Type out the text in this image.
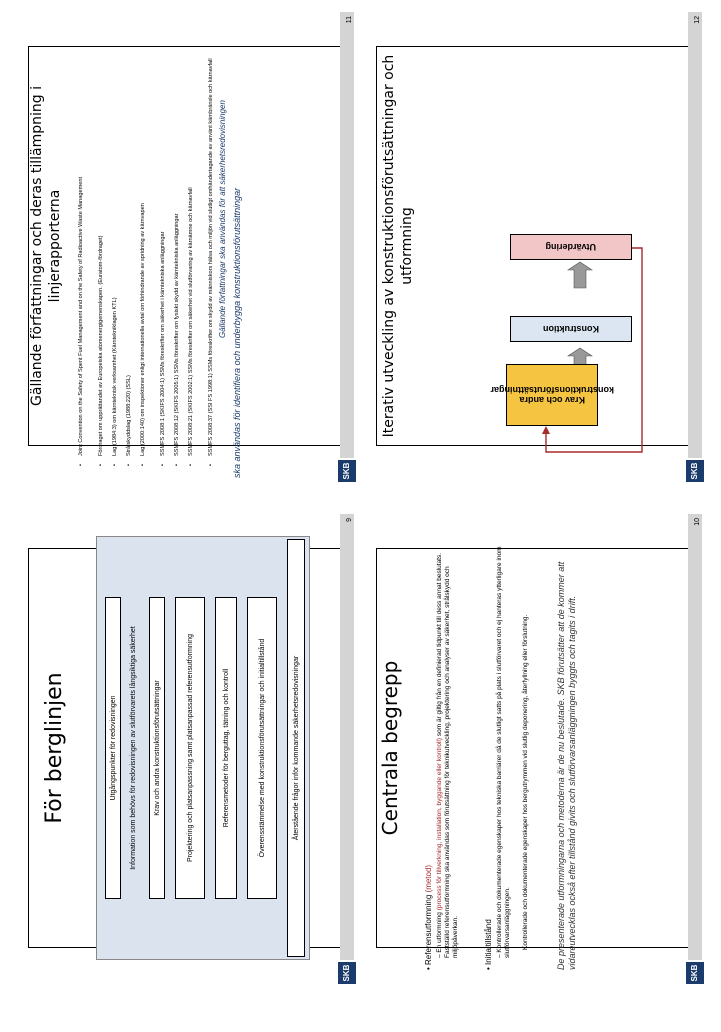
För berglinjen	Utgångspunkter för redovisningen	Information som behövs för redovisningen av slutförvarets långsiktiga säkerhet	Krav och andra konstruktionsförutsättningar	Projektering och platsanpassning samt platsanpassad referensutformning	Referensmetoder för berguttag, tätning och kontroll	Överensstämmelse med konstruktionsförutsättningar och initialtillstånd	Återstående frågor inför kommande säkerhetsredovisningar
SKB
9
Centrala begrepp
• Referensutformning (metod)
– En utformning (process för tillverkning, installation, byggande eller kontroll) som är giltig från en definierad tidpunkt till dess annat beslutats. Fastställd referensutformning ska användas som förutsättning för teknikutveckling, projektering och analyser av säkerhet, strålskydd och miljöpåverkan.
• Initialtillstånd – Kontrollerade och dokumenterade egenskaper hos tekniska barriärer då de slutligt satts på plats i slutförvaret och ej hanteras ytterligare inom slutförvarsanläggningen. Kontrollerade och dokumenterade egenskaper hos bergutrymmen vid slutlig deponering, återfyllning eller förslutning.	De presenterade utformningarna och metoderna är de nu beslutade. SKB förutsätter att de kommer att vidareutvecklas också efter tillstånd givits och slutförvarsanläggningen byggts och tagits i drift.
SKB
10
Gällande författningar och deras tillämpning i linjerapporterna
•
Joint Convention on the Safety of Spent Fuel Management and on the Safety of Radioactive Waste Management
•
Fördraget om upprättandet av Europeiska atomenergigemenskapen. (Euratom-fördraget)
•
Lag (1984:3) om kärnteknisk verksamhet (Kärntekniklagen KTL)
•
Strålskyddslag (1988:220) (SSL)
•
Lag (2000:140) om inspektioner enligt internationella avtal om förhindrande av spridning av kärnvapen
•
SSMFS 2008:1 (SKIFS 2004:1) SSMs föreskrifter om säkerhet i kärntekniska anläggningar
•
SSMFS 2008:12 (SKIFS 2005:1) SSMs föreskrifter om fysiskt skydd av kärntekniska anläggningar
•
SSMFS 2008:21 (SKIFS 2002:1) SSMs föreskrifter om säkerhet vid slutförvaring av kärnämne och kärnavfall
•
SSMFS 2008:37 (SSI FS 1998:1) SSMs föreskrifter om skydd av människors hälsa och miljön vid slutligt omhändertagande av använt kärnbränsle och kärnavfall Gällande författningar ska användas för att säkerhetsredovisningen ska användas för identifiera och underbygga konstruktionsförutsättningar	SKB
11
Iterativ utveckling av konstruktionsförutsättningar och utformning
Krav och andra konstruktionsförutsättningar
Konstruktion
Utvärdering
SKB
12
